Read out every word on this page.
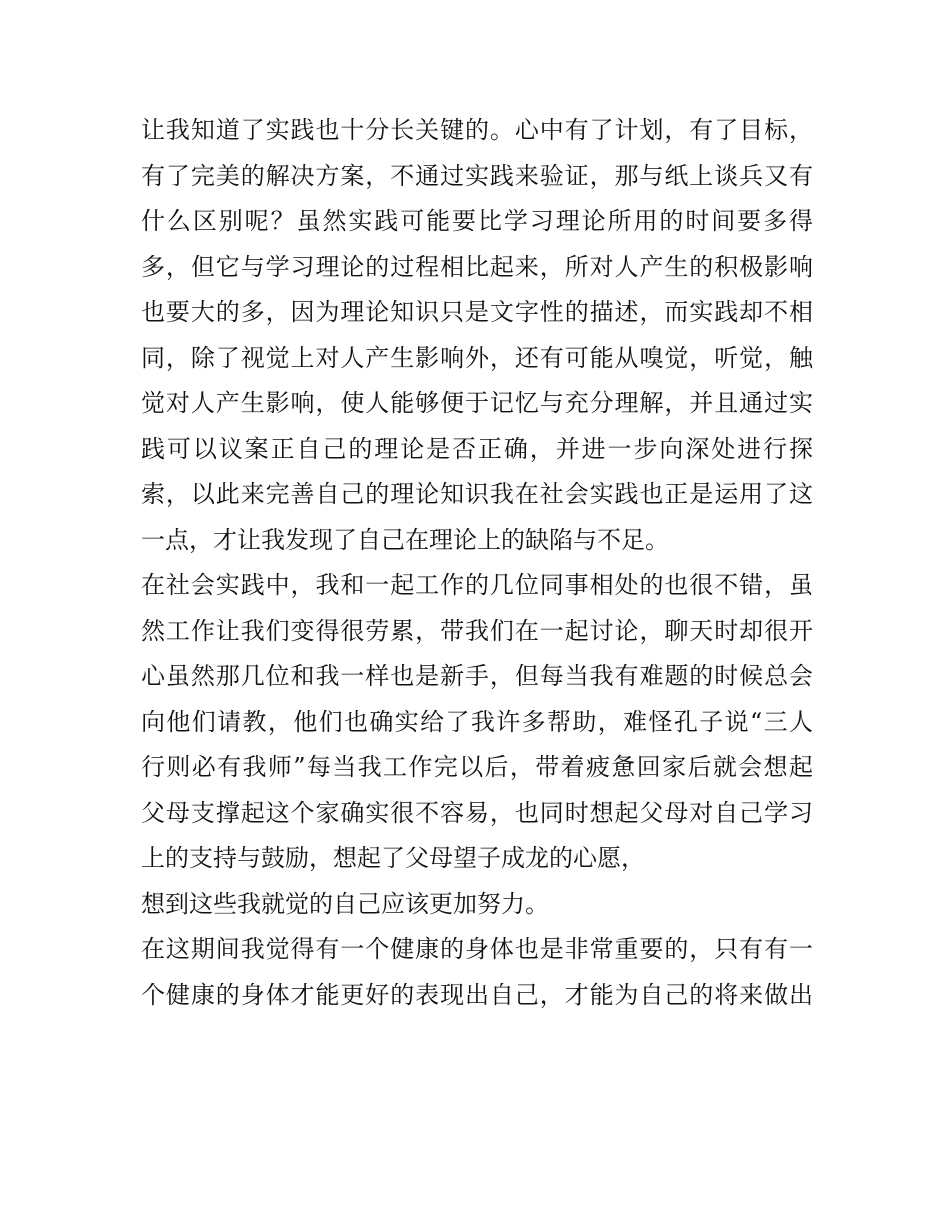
让我知道了实践也十分长关键的。心中有了计划，有了目标，
有了完美的解决方案，不通过实践来验证，那与纸上谈兵又有
什么区别呢？虽然实践可能要比学习理论所用的时间要多得
多，但它与学习理论的过程相比起来，所对人产生的积极影响
也要大的多，因为理论知识只是文字性的描述，而实践却不相
同，除了视觉上对人产生影响外，还有可能从嗅觉，听觉，触
觉对人产生影响，使人能够便于记忆与充分理解，并且通过实
践可以议案正自己的理论是否正确，并进一步向深处进行探
索，以此来完善自己的理论知识我在社会实践也正是运用了这
一点，才让我发现了自己在理论上的缺陷与不足。
在社会实践中，我和一起工作的几位同事相处的也很不错，虽
然工作让我们变得很劳累，带我们在一起讨论，聊天时却很开
心虽然那几位和我一样也是新手，但每当我有难题的时候总会
向他们请教，他们也确实给了我许多帮助，难怪孔子说“三人
行则必有我师”每当我工作完以后，带着疲惫回家后就会想起
父母支撑起这个家确实很不容易，也同时想起父母对自己学习
上的支持与鼓励，想起了父母望子成龙的心愿，
想到这些我就觉的自己应该更加努力。
在这期间我觉得有一个健康的身体也是非常重要的，只有有一
个健康的身体才能更好的表现出自己，才能为自己的将来做出
